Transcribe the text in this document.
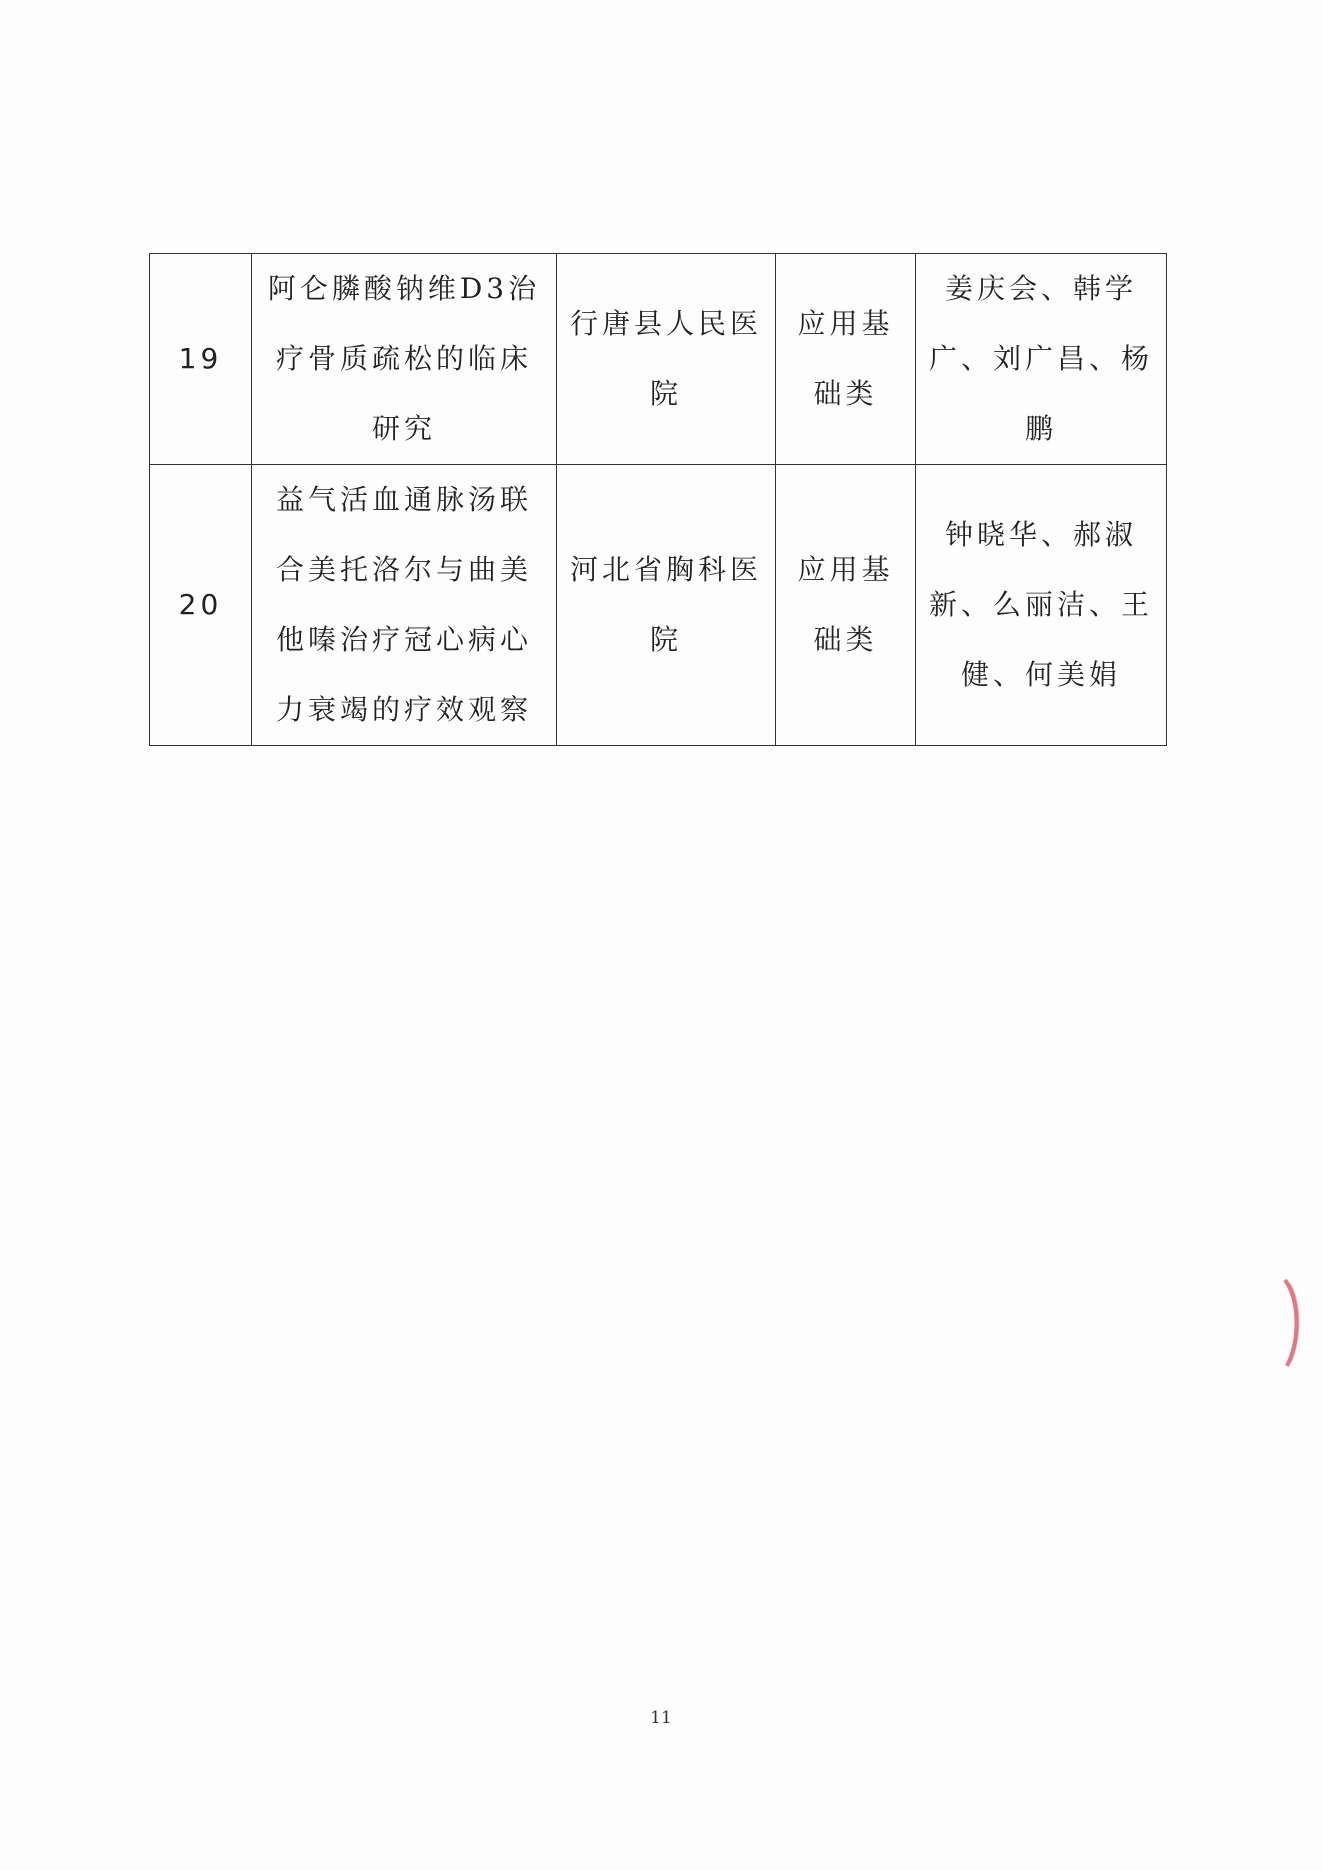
19	阿仑膦酸钠维D3治疗骨质疏松的临床研究	行唐县人民医院	应用基础类	姜庆会、韩学广、刘广昌、杨鹏

20	益气活血通脉汤联合美托洛尔与曲美他嗪治疗冠心病心力衰竭的疗效观察	河北省胸科医院	应用基础类	钟晓华、郝淑新、么丽洁、王健、何美娟
11
